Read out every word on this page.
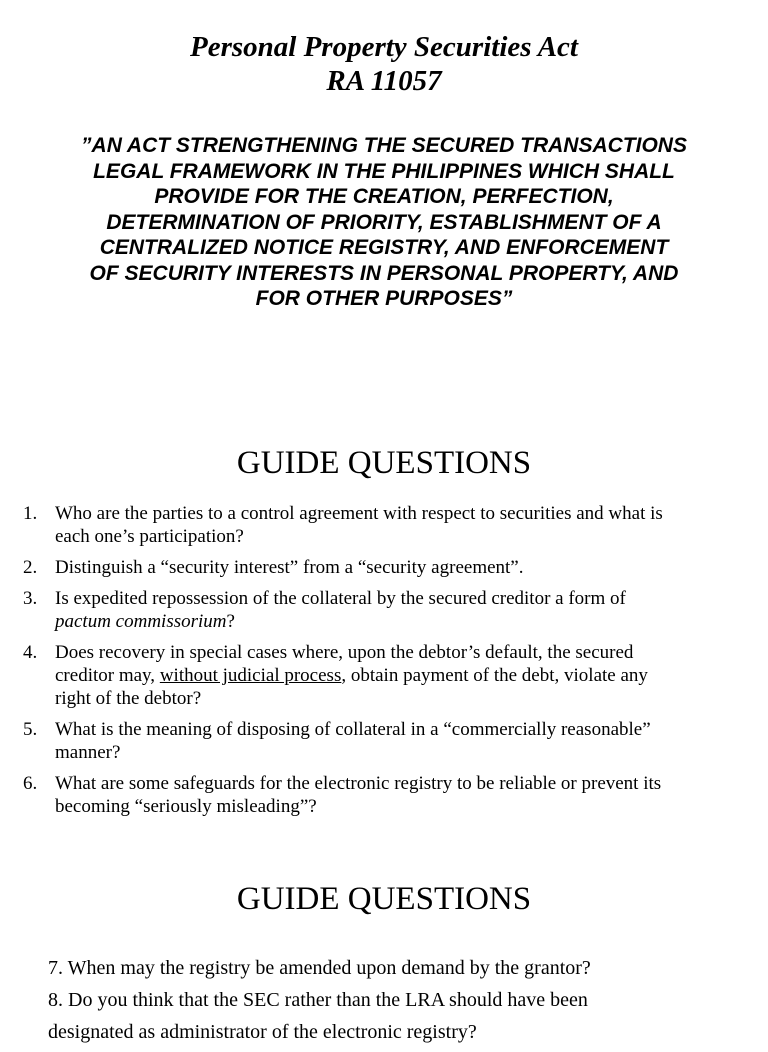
Personal Property Securities Act
RA 11057
”AN ACT STRENGTHENING THE SECURED TRANSACTIONS
LEGAL FRAMEWORK IN THE PHILIPPINES WHICH SHALL
PROVIDE FOR THE CREATION, PERFECTION,
DETERMINATION OF PRIORITY, ESTABLISHMENT OF A
CENTRALIZED NOTICE REGISTRY, AND ENFORCEMENT
OF SECURITY INTERESTS IN PERSONAL PROPERTY, AND
FOR OTHER PURPOSES”
GUIDE QUESTIONS
1. Who are the parties to a control agreement with respect to securities and what is
each one’s participation?
2. Distinguish a “security interest” from a “security agreement”.
3. Is expedited repossession of the collateral by the secured creditor a form of
pactum commissorium?
4. Does recovery in special cases where, upon the debtor’s default, the secured
creditor may, without judicial process, obtain payment of the debt, violate any
right of the debtor?
5. What is the meaning of disposing of collateral in a “commercially reasonable”
manner?
6. What are some safeguards for the electronic registry to be reliable or prevent its
becoming “seriously misleading”?
GUIDE QUESTIONS
7. When may the registry be amended upon demand by the grantor?
8. Do you think that the SEC rather than the LRA should have been
designated as administrator of the electronic registry?
